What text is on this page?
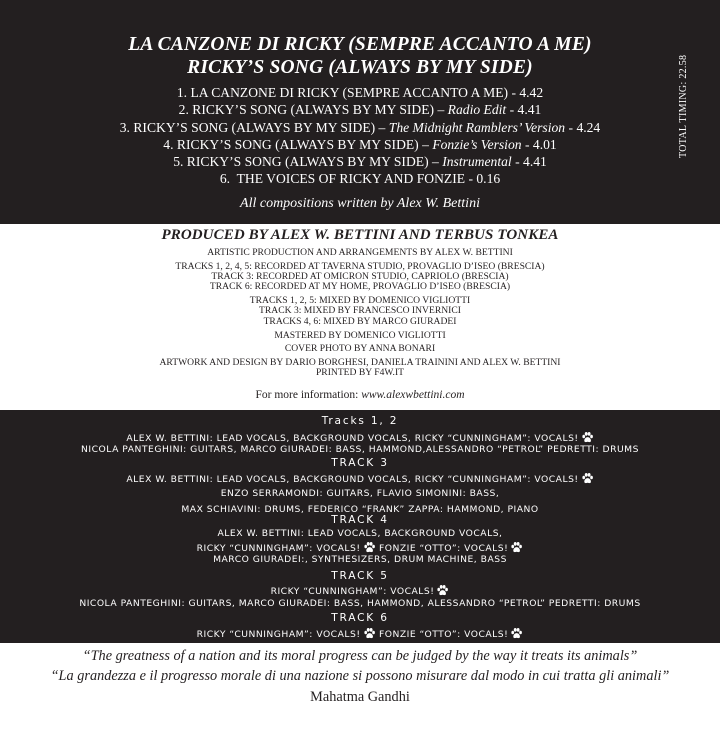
LA CANZONE DI RICKY (SEMPRE ACCANTO A ME)
RICKY’S SONG (ALWAYS BY MY SIDE)
1. LA CANZONE DI RICKY (SEMPRE ACCANTO A ME) - 4.42
2. RICKY’S SONG (ALWAYS BY MY SIDE) – Radio Edit - 4.41
3. RICKY’S SONG (ALWAYS BY MY SIDE) – The Midnight Ramblers’ Version - 4.24
4. RICKY’S SONG (ALWAYS BY MY SIDE) – Fonzie’s Version - 4.01
5. RICKY’S SONG (ALWAYS BY MY SIDE) – Instrumental - 4.41
6. THE VOICES OF RICKY AND FONZIE - 0.16
All compositions written by Alex W. Bettini
TOTAL TIMING: 22.58
PRODUCED BY ALEX W. BETTINI AND TERBUS TONKEA
ARTISTIC PRODUCTION AND ARRANGEMENTS BY ALEX W. BETTINI
TRACKS 1, 2, 4, 5: RECORDED AT TAVERNA STUDIO, PROVAGLIO D’ISEO (BRESCIA)
TRACK 3: RECORDED AT OMICRON STUDIO, CAPRIOLO (BRESCIA)
TRACK 6: RECORDED AT MY HOME, PROVAGLIO D’ISEO (BRESCIA)
TRACKS 1, 2, 5: MIXED BY DOMENICO VIGLIOTTI
TRACK 3: MIXED BY FRANCESCO INVERNICI
TRACKS 4, 6: MIXED BY MARCO GIURADEI
MASTERED BY DOMENICO VIGLIOTTI
COVER PHOTO BY ANNA BONARI
ARTWORK AND DESIGN BY DARIO BORGHESI, DANIELA TRAININI AND ALEX W. BETTINI
PRINTED BY F4W.IT
For more information: www.alexwbettini.com
Tracks 1, 2
ALEX W. BETTINI: LEAD VOCALS, BACKGROUND VOCALS, RICKY “CUNNINGHAM”: VOCALS!
NICOLA PANTEGHINI: GUITARS, MARCO GIURADEI: BASS, HAMMOND,ALESSANDRO “PETROL” PEDRETTI: DRUMS
TRACK 3
ALEX W. BETTINI: LEAD VOCALS, BACKGROUND VOCALS, RICKY “CUNNINGHAM”: VOCALS!
ENZO SERRAMONDI: GUITARS, FLAVIO SIMONINI: BASS,
MAX SCHIAVINI: DRUMS, FEDERICO “FRANK” ZAPPA: HAMMOND, PIANO
TRACK 4
ALEX W. BETTINI: LEAD VOCALS, BACKGROUND VOCALS,
RICKY “CUNNINGHAM”: VOCALS! FONZIE “OTTO”: VOCALS!
MARCO GIURADEI:, SYNTHESIZERS, DRUM MACHINE, BASS
TRACK 5
RICKY “CUNNINGHAM”: VOCALS!
NICOLA PANTEGHINI: GUITARS, MARCO GIURADEI: BASS, HAMMOND, ALESSANDRO “PETROL” PEDRETTI: DRUMS
TRACK 6
RICKY “CUNNINGHAM”: VOCALS! FONZIE “OTTO”: VOCALS!
“The greatness of a nation and its moral progress can be judged by the way it treats its animals”
“La grandezza e il progresso morale di una nazione si possono misurare dal modo in cui tratta gli animali”
Mahatma Gandhi
